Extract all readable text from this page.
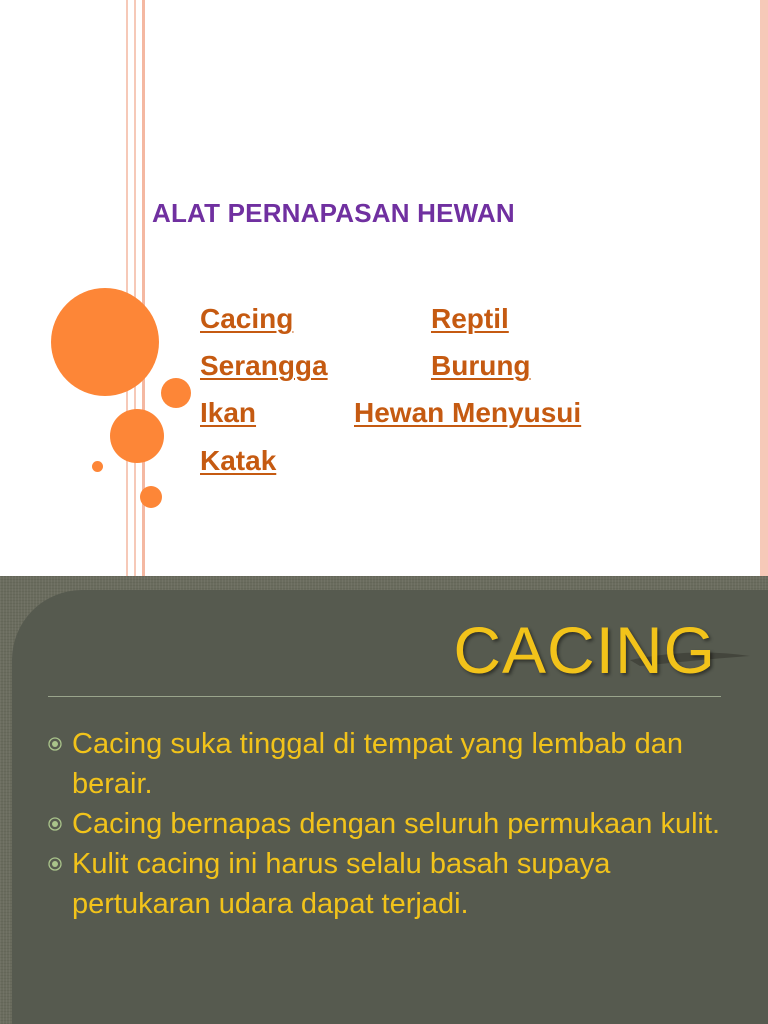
ALAT PERNAPASAN HEWAN
Cacing	Reptil
Serangga	Burung
Ikan	Hewan Menyusui
Katak
CACING
Cacing suka tinggal di tempat yang lembab dan berair.
Cacing bernapas dengan seluruh permukaan kulit.
Kulit cacing ini harus selalu basah supaya pertukaran udara dapat terjadi.
